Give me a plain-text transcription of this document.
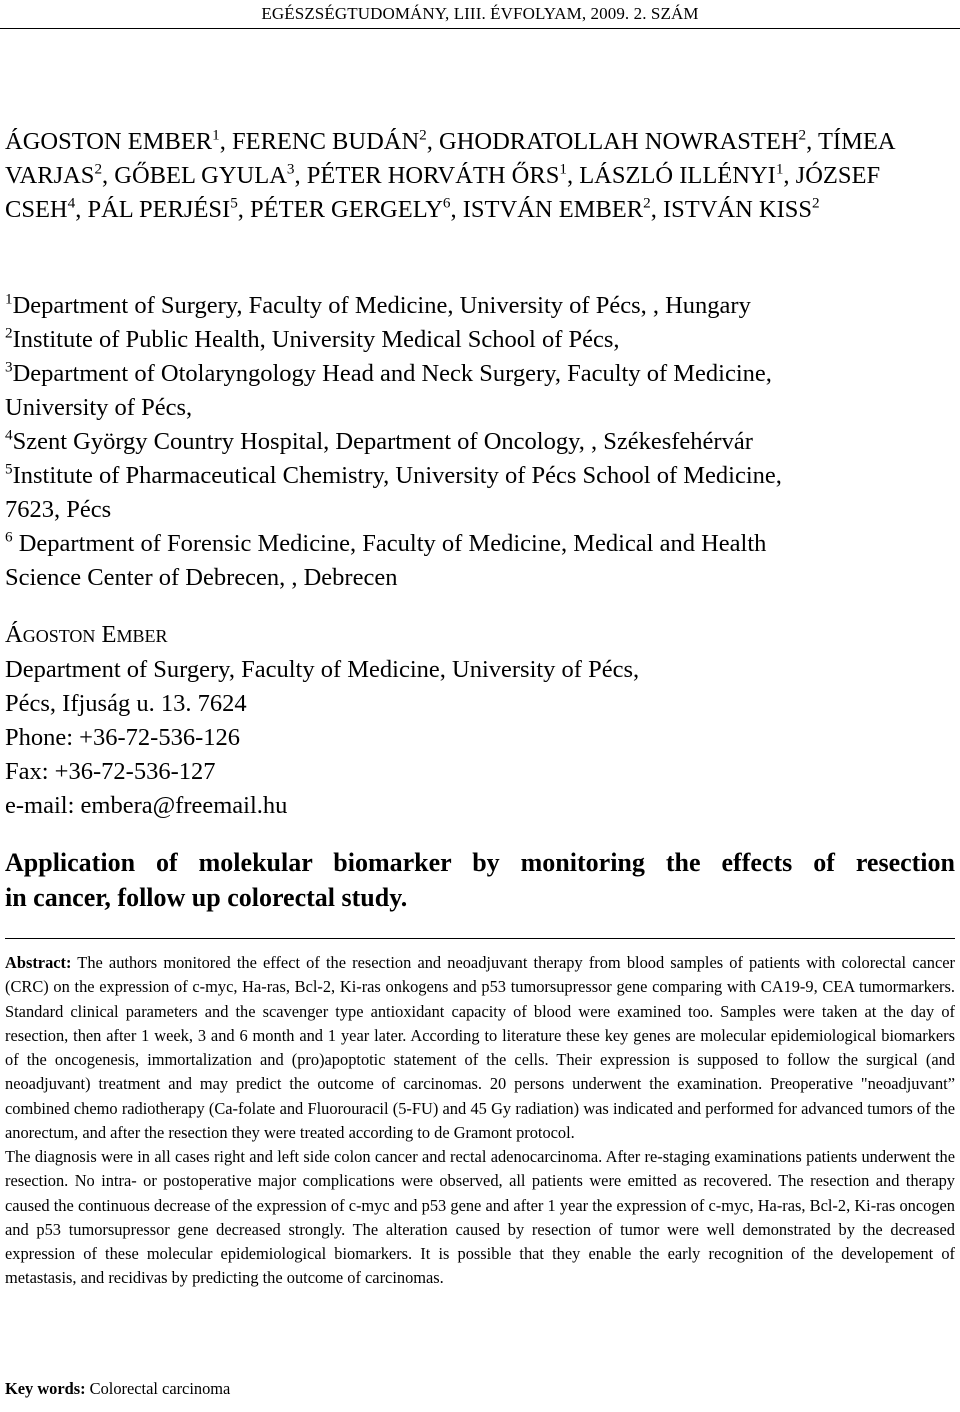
EGÉSZSÉGTUDOMÁNY, LIII. ÉVFOLYAM, 2009. 2. SZÁM
ÁGOSTON EMBER$^1$, FERENC BUDÁN$^2$, GHODRATOLLAH NOWRASTEH$^2$, TÍMEA VARJAS$^2$, GŐBEL GYULA$^3$, PÉTER HORVÁTH ŐRS$^1$, LÁSZLÓ ILLÉNYI$^1$, JÓZSEF CSEH$^4$, PÁL PERJÉSI$^5$, PÉTER GERGELY$^6$, ISTVÁN EMBER$^2$, ISTVÁN KISS$^2$
$^1$Department of Surgery, Faculty of Medicine, University of Pécs, , Hungary
$^2$Institute of Public Health, University Medical School of Pécs,
$^3$Department of Otolaryngology Head and Neck Surgery, Faculty of Medicine,
University of Pécs,
$^4$Szent György Country Hospital, Department of Oncology, , Székesfehérvár
$^5$Institute of Pharmaceutical Chemistry, University of Pécs School of Medicine,
7623, Pécs
$^6$ Department of Forensic Medicine, Faculty of Medicine, Medical and Health
Science Center of Debrecen, , Debrecen
ÁGOSTON EMBER
Department of Surgery, Faculty of Medicine, University of Pécs,
Pécs, Ifjuság u. 13. 7624
Phone: +36-72-536-126
Fax: +36-72-536-127
e-mail: embera@freemail.hu
Application of molekular biomarker by monitoring the effects of resection
in cancer, follow up colorectal study.

Abstract: The authors monitored the effect of the resection and neoadjuvant therapy from blood samples of patients with colorectal cancer (CRC) on the expression of c-myc, Ha-ras, Bcl-2, Ki-ras onkogens and p53 tumorsupressor gene comparing with CA19-9, CEA tumormarkers. Standard clinical parameters and the scavenger type antioxidant capacity of blood were examined too. Samples were taken at the day of resection, then after 1 week, 3 and 6 month and 1 year later. According to literature these key genes are molecular epidemiological biomarkers of the oncogenesis, immortalization and (pro)apoptotic statement of the cells. Their expression is supposed to follow the surgical (and neoadjuvant) treatment and may predict the outcome of carcinomas. 20 persons underwent the examination. Preoperative "neoadjuvant” combined chemo radiotherapy (Ca-folate and Fluorouracil (5-FU) and 45 Gy radiation) was indicated and performed for advanced tumors of the anorectum, and after the resection they were treated according to de Gramont protocol.

The diagnosis were in all cases right and left side colon cancer and rectal adenocarcinoma. After re-staging examinations patients underwent the resection. No intra- or postoperative major complications were observed, all patients were emitted as recovered. The resection and therapy caused the continuous decrease of the expression of c-myc and p53 gene and after 1 year the expression of c-myc, Ha-ras, Bcl-2, Ki-ras oncogen and p53 tumorsupressor gene decreased strongly. The alteration caused by resection of tumor were well demonstrated by the decreased expression of these molecular epidemiological biomarkers. It is possible that they enable the early recognition of the developement of metastasis, and recidivas by predicting the outcome of carcinomas.

Key words: Colorectal carcinoma
